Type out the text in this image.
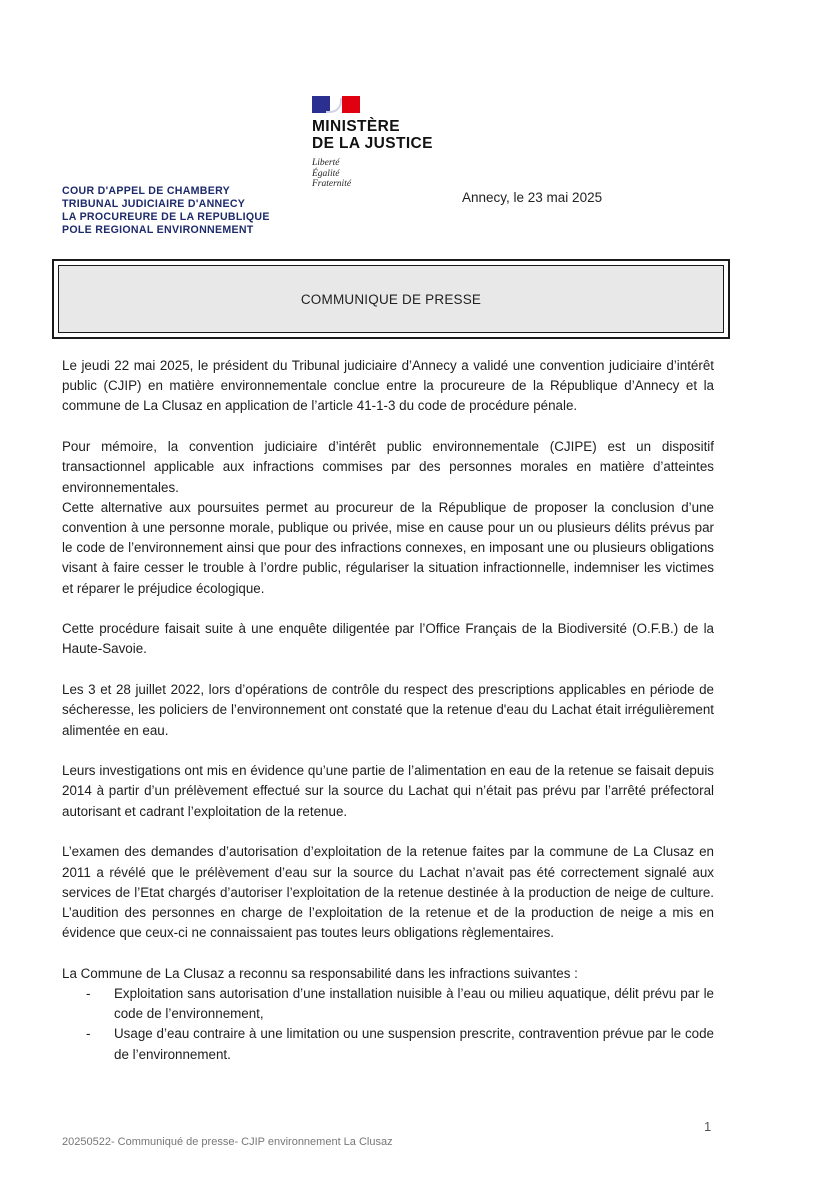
MINISTÈRE
DE LA JUSTICE
Liberté
Égalité
Fraternité
COUR D'APPEL DE CHAMBERY
TRIBUNAL JUDICIAIRE D'ANNECY
LA PROCUREURE DE LA REPUBLIQUE
POLE REGIONAL ENVIRONNEMENT
Annecy, le 23 mai 2025
COMMUNIQUE DE PRESSE

Le jeudi 22 mai 2025, le président du Tribunal judiciaire d’Annecy a validé une convention judiciaire d’intérêt public (CJIP) en matière environnementale conclue entre la procureure de la République d’Annecy et la commune de La Clusaz en application de l’article 41-1-3 du code de procédure pénale.

Pour mémoire, la convention judiciaire d’intérêt public environnementale (CJIPE) est un dispositif transactionnel applicable aux infractions commises par des personnes morales en matière d’atteintes environnementales.

Cette alternative aux poursuites permet au procureur de la République de proposer la conclusion d’une convention à une personne morale, publique ou privée, mise en cause pour un ou plusieurs délits prévus par le code de l’environnement ainsi que pour des infractions connexes, en imposant une ou plusieurs obligations visant à faire cesser le trouble à l’ordre public, régulariser la situation infractionnelle, indemniser les victimes et réparer le préjudice écologique.

Cette procédure faisait suite à une enquête diligentée par l’Office Français de la Biodiversité (O.F.B.) de la Haute-Savoie.

Les 3 et 28 juillet 2022, lors d’opérations de contrôle du respect des prescriptions applicables en période de sécheresse, les policiers de l’environnement ont constaté que la retenue d'eau du Lachat était irrégulièrement alimentée en eau.

Leurs investigations ont mis en évidence qu’une partie de l’alimentation en eau de la retenue se faisait depuis 2014 à partir d’un prélèvement effectué sur la source du Lachat qui n’était pas prévu par l’arrêté préfectoral autorisant et cadrant l’exploitation de la retenue.

L’examen des demandes d’autorisation d’exploitation de la retenue faites par la commune de La Clusaz en 2011 a révélé que le prélèvement d’eau sur la source du Lachat n’avait pas été correctement signalé aux services de l’Etat chargés d’autoriser l’exploitation de la retenue destinée à la production de neige de culture. L’audition des personnes en charge de l’exploitation de la retenue et de la production de neige a mis en évidence que ceux-ci ne connaissaient pas toutes leurs obligations règlementaires.

La Commune de La Clusaz a reconnu sa responsabilité dans les infractions suivantes :

- Exploitation sans autorisation d’une installation nuisible à l’eau ou milieu aquatique, délit prévu par le code de l’environnement,
- Usage d’eau contraire à une limitation ou une suspension prescrite, contravention prévue par le code de l’environnement.
1
20250522- Communiqué de presse- CJIP environnement La Clusaz
